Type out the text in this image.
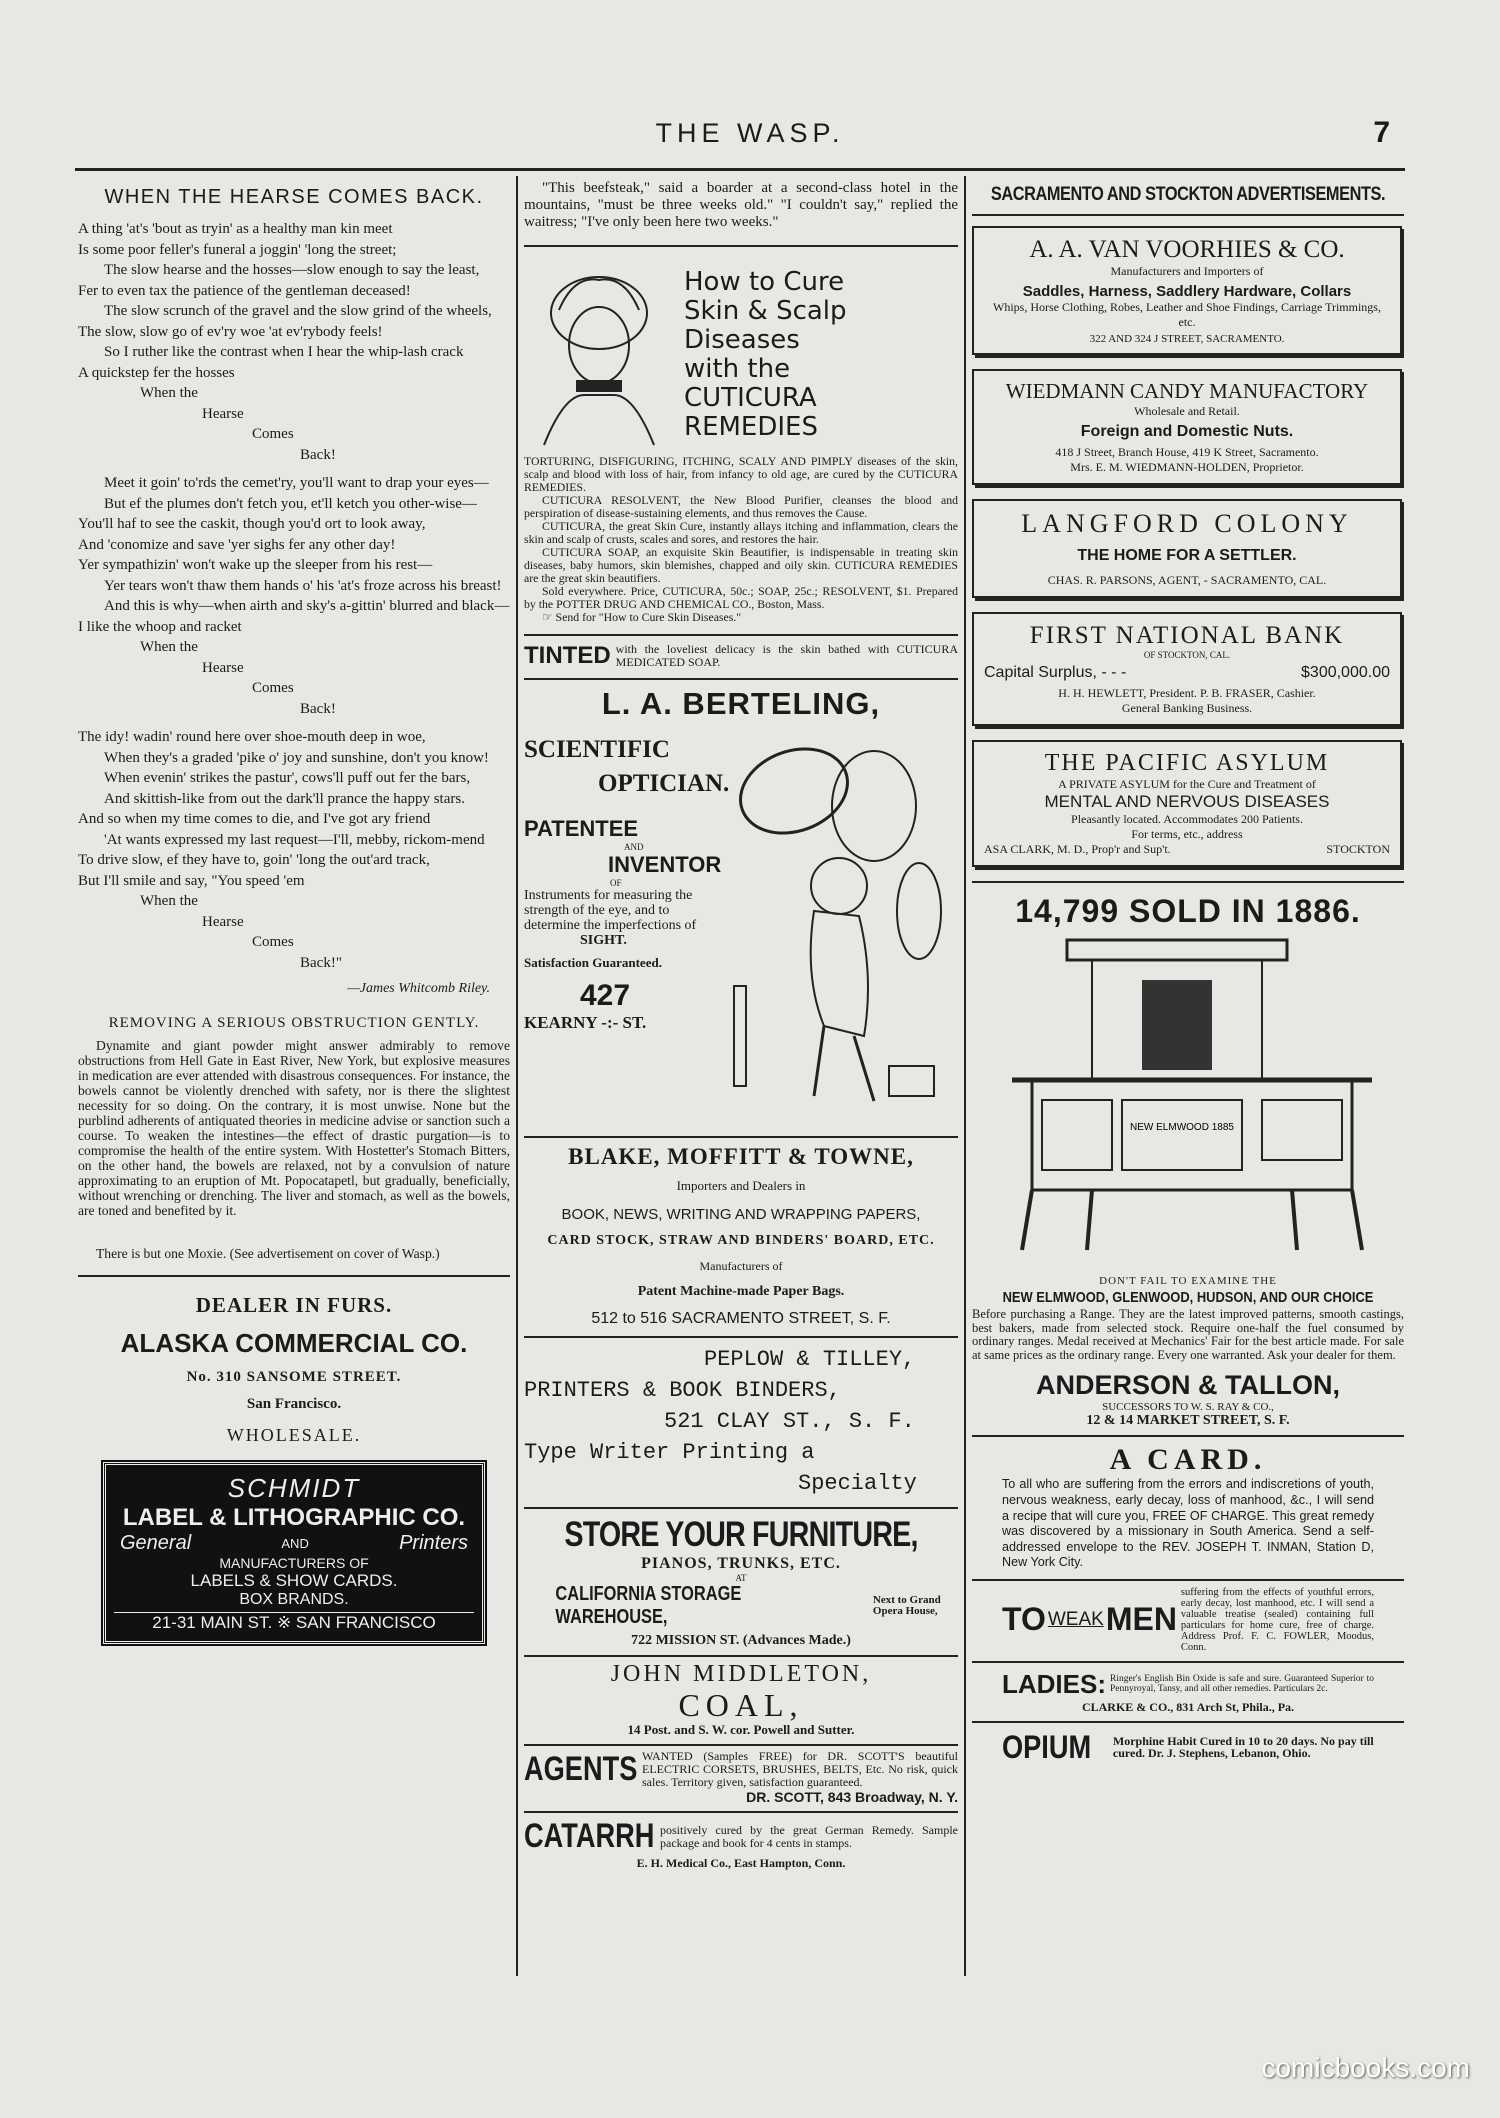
THE WASP.	7
WHEN THE HEARSE COMES BACK.
A thing 'at's 'bout as tryin' as a healthy man kin meet
Is some poor feller's funeral a joggin' 'long the street;
The slow hearse and the hosses—slow enough to say the least,
Fer to even tax the patience of the gentleman deceased!
The slow scrunch of the gravel and the slow grind of the wheels,
The slow, slow go of ev'ry woe 'at ev'rybody feels!
So I ruther like the contrast when I hear the whip-lash crack
A quickstep fer the hosses
When the
Hearse
Comes
Back!
Meet it goin' to'rds the cemet'ry, you'll want to drap your eyes—
But ef the plumes don't fetch you, et'll ketch you other-wise—
You'll haf to see the caskit, though you'd ort to look away,
And 'conomize and save 'yer sighs fer any other day!
Yer sympathizin' won't wake up the sleeper from his rest—
Yer tears won't thaw them hands o' his 'at's froze across his breast!
And this is why—when airth and sky's a-gittin' blurred and black—
I like the whoop and racket
When the
Hearse
Comes
Back!
The idy! wadin' round here over shoe-mouth deep in woe,
When they's a graded 'pike o' joy and sunshine, don't you know!
When evenin' strikes the pastur', cows'll puff out fer the bars,
And skittish-like from out the dark'll prance the happy stars.
And so when my time comes to die, and I've got ary friend
'At wants expressed my last request—I'll, mebby, rickom-mend
To drive slow, ef they have to, goin' 'long the out'ard track,
But I'll smile and say, "You speed 'em
When the
Hearse
Comes
Back!"
—James Whitcomb Riley.
REMOVING A SERIOUS OBSTRUCTION GENTLY.
Dynamite and giant powder might answer admirably to remove obstructions from Hell Gate in East River, New York, but explosive measures in medication are ever attended with disastrous consequences. For instance, the bowels cannot be violently drenched with safety, nor is there the slightest necessity for so doing. On the contrary, it is most unwise. None but the purblind adherents of antiquated theories in medicine advise or sanction such a course. To weaken the intestines—the effect of drastic purgation—is to compromise the health of the entire system. With Hostetter's Stomach Bitters, on the other hand, the bowels are relaxed, not by a convulsion of nature approximating to an eruption of Mt. Popocatapetl, but gradually, beneficially, without wrenching or drenching. The liver and stomach, as well as the bowels, are toned and benefited by it.
There is but one Moxie. (See advertisement on cover of Wasp.)
DEALER IN FURS.
ALASKA COMMERCIAL CO.
No. 310 SANSOME STREET.
San Francisco.
WHOLESALE.
SCHMIDT
LABEL & LITHOGRAPHIC CO.
General	AND	Printers
MANUFACTURERS OF
LABELS & SHOW CARDS.
BOX BRANDS.
21-31 MAIN ST. ※ SAN FRANCISCO
"This beefsteak," said a boarder at a second-class hotel in the mountains, "must be three weeks old." "I couldn't say," replied the waitress; "I've only been here two weeks."
How to Cure
Skin & Scalp
Diseases
with the
CUTICURA
REMEDIES
TORTURING, DISFIGURING, ITCHING, SCALY AND PIMPLY diseases of the skin, scalp and blood with loss of hair, from infancy to old age, are cured by the CUTICURA REMEDIES.
CUTICURA RESOLVENT, the New Blood Purifier, cleanses the blood and perspiration of disease-sustaining elements, and thus removes the Cause.
CUTICURA, the great Skin Cure, instantly allays itching and inflammation, clears the skin and scalp of crusts, scales and sores, and restores the hair.
CUTICURA SOAP, an exquisite Skin Beautifier, is indispensable in treating skin diseases, baby humors, skin blemishes, chapped and oily skin. CUTICURA REMEDIES are the great skin beautifiers.
Sold everywhere. Price, CUTICURA, 50c.; SOAP, 25c.; RESOLVENT, $1. Prepared by the POTTER DRUG AND CHEMICAL CO., Boston, Mass.
☞ Send for "How to Cure Skin Diseases."
TINTED with the loveliest delicacy is the skin bathed with CUTICURA MEDICATED SOAP.
L. A. BERTELING,
SCIENTIFIC
OPTICIAN.
PATENTEE
AND
INVENTOR
OF
Instruments for measuring the strength of the eye, and to determine the imperfections of
SIGHT.
Satisfaction Guaranteed.
427
KEARNY -:- ST.
BLAKE, MOFFITT & TOWNE,
Importers and Dealers in
BOOK, NEWS, WRITING AND WRAPPING PAPERS,
CARD STOCK, STRAW AND BINDERS' BOARD, ETC.
Manufacturers of
Patent Machine-made Paper Bags.
512 to 516 SACRAMENTO STREET, S. F.
PEPLOW & TILLEY,
PRINTERS & BOOK BINDERS,
521 CLAY ST., S. F.
Type Writer Printing a
Specialty
STORE YOUR FURNITURE,
PIANOS, TRUNKS, ETC.
AT
CALIFORNIA STORAGE WAREHOUSE,
Next to Grand Opera House,
722 MISSION ST. (Advances Made.)
JOHN MIDDLETON,
COAL,
14 Post. and S. W. cor. Powell and Sutter.
AGENTS WANTED (Samples FREE) for DR. SCOTT'S beautiful ELECTRIC CORSETS, BRUSHES, BELTS, Etc. No risk, quick sales. Territory given, satisfaction guaranteed.
DR. SCOTT, 843 Broadway, N. Y.
CATARRH positively cured by the great German Remedy. Sample package and book for 4 cents in stamps.
E. H. Medical Co., East Hampton, Conn.
SACRAMENTO AND STOCKTON ADVERTISEMENTS.
A. A. VAN VOORHIES & CO.
Manufacturers and Importers of
Saddles, Harness, Saddlery Hardware, Collars
Whips, Horse Clothing, Robes, Leather and Shoe Findings, Carriage Trimmings, etc.
322 AND 324 J STREET, SACRAMENTO.
WIEDMANN CANDY MANUFACTORY
Wholesale and Retail.
Foreign and Domestic Nuts.
418 J Street, Branch House, 419 K Street, Sacramento.
Mrs. E. M. WIEDMANN-HOLDEN, Proprietor.
LANGFORD COLONY
THE HOME FOR A SETTLER.
CHAS. R. PARSONS, AGENT, - SACRAMENTO, CAL.
FIRST NATIONAL BANK
OF STOCKTON, CAL.
Capital Surplus, - - -	$300,000.00
H. H. HEWLETT, President. P. B. FRASER, Cashier.
General Banking Business.
THE PACIFIC ASYLUM
A PRIVATE ASYLUM for the Cure and Treatment of
MENTAL AND NERVOUS DISEASES
Pleasantly located. Accommodates 200 Patients.
For terms, etc., address
ASA CLARK, M. D., Prop'r and Sup't.	STOCKTON
14,799 SOLD IN 1886.
NEW ELMWOOD 1885
DON'T FAIL TO EXAMINE THE
NEW ELMWOOD, GLENWOOD, HUDSON, AND OUR CHOICE
Before purchasing a Range. They are the latest improved patterns, smooth castings, best bakers, made from selected stock. Require one-half the fuel consumed by ordinary ranges. Medal received at Mechanics' Fair for the best article made. For sale at same prices as the ordinary range. Every one warranted. Ask your dealer for them.
ANDERSON & TALLON,
SUCCESSORS TO W. S. RAY & CO.,
12 & 14 MARKET STREET, S. F.
A CARD.
To all who are suffering from the errors and indiscretions of youth, nervous weakness, early decay, loss of manhood, &c., I will send a recipe that will cure you, FREE OF CHARGE. This great remedy was discovered by a missionary in South America. Send a self-addressed envelope to the REV. JOSEPH T. INMAN, Station D, New York City.
TO WEAK MEN
suffering from the effects of youthful errors, early decay, lost manhood, etc. I will send a valuable treatise (sealed) containing full particulars for home cure, free of charge. Address Prof. F. C. FOWLER, Moodus, Conn.
LADIES: Ringer's English Bin Oxide is safe and sure. Guaranteed Superior to Pennyroyal, Tansy, and all other remedies. Particulars 2c.
CLARKE & CO., 831 Arch St, Phila., Pa.
OPIUM	Morphine Habit Cured in 10 to 20 days. No pay till cured. Dr. J. Stephens, Lebanon, Ohio.
comicbooks.com
